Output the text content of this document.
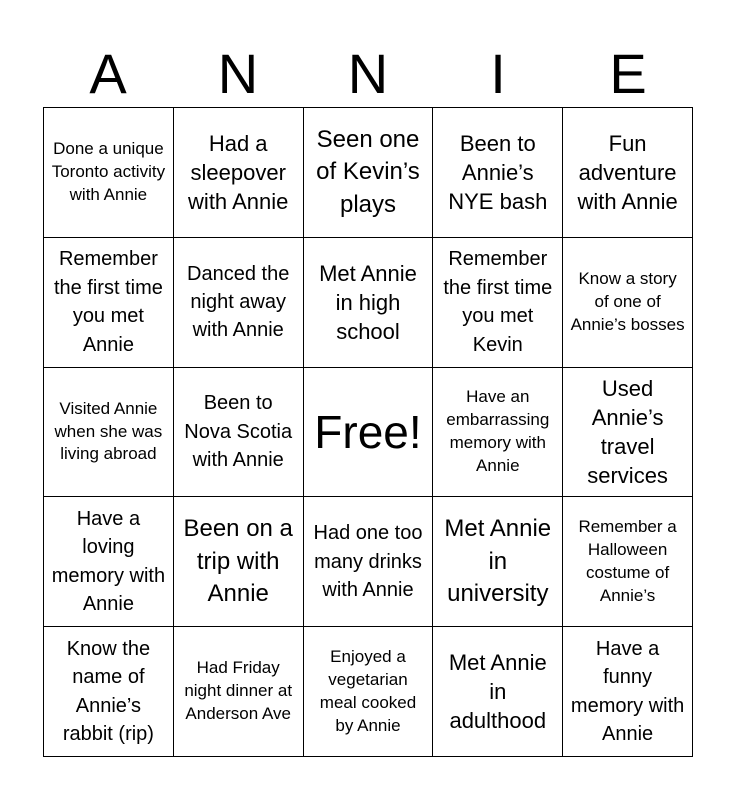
A	N	N	I	E
Done a unique Toronto activity with Annie
Had a sleepover with Annie
Seen one of Kevin’s plays
Been to Annie’s NYE bash
Fun adventure with Annie
Remember the first time you met Annie
Danced the night away with Annie
Met Annie in high school
Remember the first time you met Kevin
Know a story of one of Annie’s bosses
Visited Annie when she was living abroad
Been to Nova Scotia with Annie
Free!
Have an embarrassing memory with Annie
Used Annie’s travel services
Have a loving memory with Annie
Been on a trip with Annie
Had one too many drinks with Annie
Met Annie in university
Remember a Halloween costume of Annie’s
Know the name of Annie’s rabbit (rip)
Had Friday night dinner at Anderson Ave
Enjoyed a vegetarian meal cooked by Annie
Met Annie in adulthood
Have a funny memory with Annie
